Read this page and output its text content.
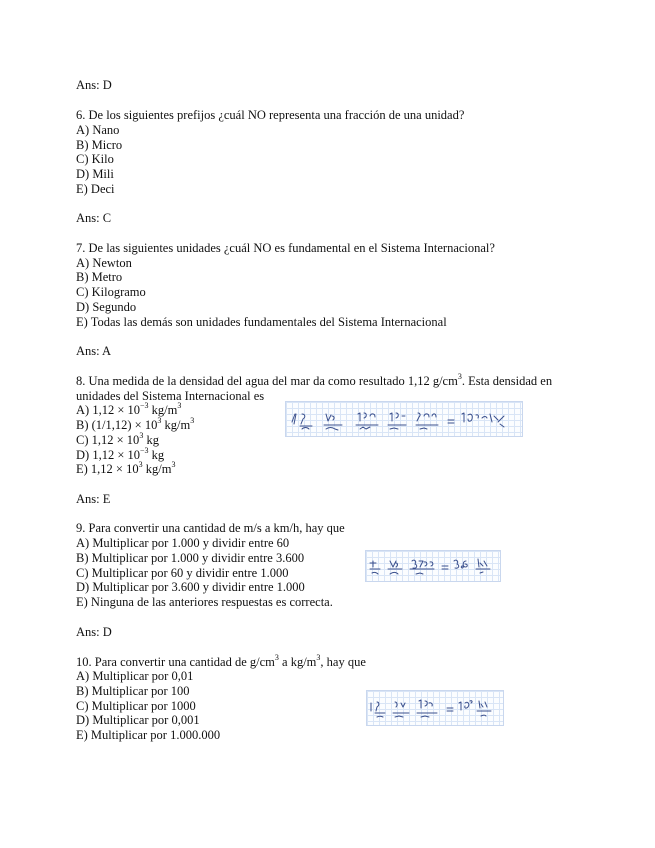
Ans: D
6. De los siguientes prefijos ¿cuál NO representa una fracción de una unidad?
A) Nano
B) Micro
C) Kilo
D) Mili
E) Deci
Ans: C
7. De las siguientes unidades ¿cuál NO es fundamental en el Sistema Internacional?
A) Newton
B) Metro
C) Kilogramo
D) Segundo
E) Todas las demás son unidades fundamentales del Sistema Internacional
Ans: A
8. Una medida de la densidad del agua del mar da como resultado 1,12 $g/cm^3$. Esta densidad en
unidades del Sistema Internacional es
A) $1,12 \times 10^{-3}$ $kg/m^3$
B) $(1/1,12) \times 10^3$ $kg/m^3$
C) $1,12 \times 10^3$ kg
D) $1,12 \times 10^{-3}$ kg
E) $1,12 \times 10^3$ $kg/m^3$
Ans: E
9. Para convertir una cantidad de m/s a km/h, hay que
A) Multiplicar por 1.000 y dividir entre 60
B) Multiplicar por 1.000 y dividir entre 3.600
C) Multiplicar por 60 y dividir entre 1.000
D) Multiplicar por 3.600 y dividir entre 1.000
E) Ninguna de las anteriores respuestas es correcta.
Ans: D
10. Para convertir una cantidad de $g/cm^3$ a $kg/m^3$, hay que
A) Multiplicar por 0,01
B) Multiplicar por 100
C) Multiplicar por 1000
D) Multiplicar por 0,001
E) Multiplicar por 1.000.000
